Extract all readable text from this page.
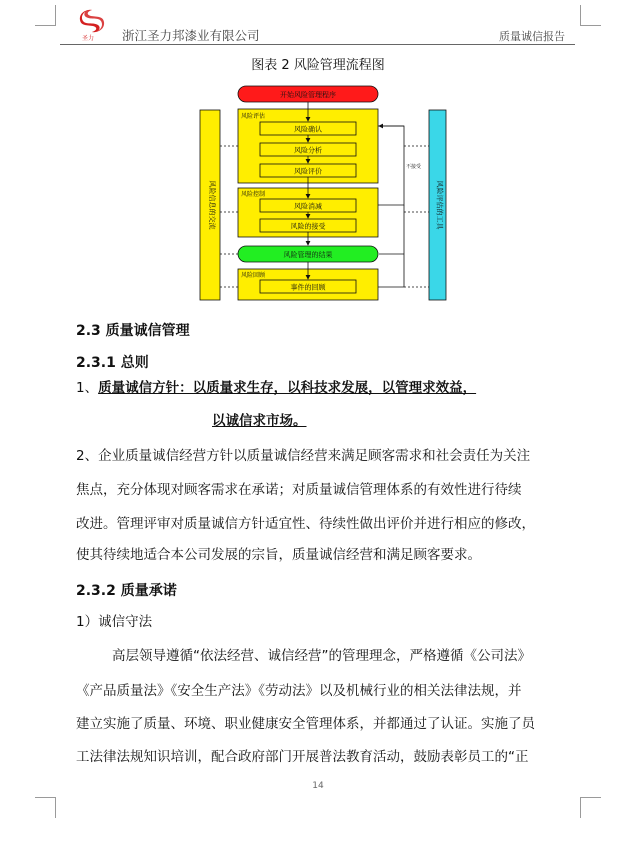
圣力 浙江圣力邦漆业有限公司	质量诚信报告
图表 2 风险管理流程图
风险信息的交流	风险评估的工具
开始风险管理程序
风险评估
风险确认
风险分析
风险评价
风险控制
风险消减
风险的接受
风险管理的结果
风险回顾
事件的回顾
不接受
2.3 质量诚信管理
2.3.1 总则
1、质量诚信方针：以质量求生存，以科技求发展，以管理求效益，
以诚信求市场。
2、企业质量诚信经营方针以质量诚信经营来满足顾客需求和社会责任为关注
焦点，充分体现对顾客需求在承诺；对质量诚信管理体系的有效性进行待续
改进。管理评审对质量诚信方针适宜性、待续性做出评价并进行相应的修改，
使其待续地适合本公司发展的宗旨，质量诚信经营和满足顾客要求。
2.3.2 质量承诺
1）诚信守法
高层领导遵循“依法经营、诚信经营”的管理理念，严格遵循《公司法》
《产品质量法》《安全生产法》《劳动法》以及机械行业的相关法律法规，并
建立实施了质量、环境、职业健康安全管理体系，并都通过了认证。实施了员
工法律法规知识培训，配合政府部门开展普法教育活动，鼓励表彰员工的“正
14
